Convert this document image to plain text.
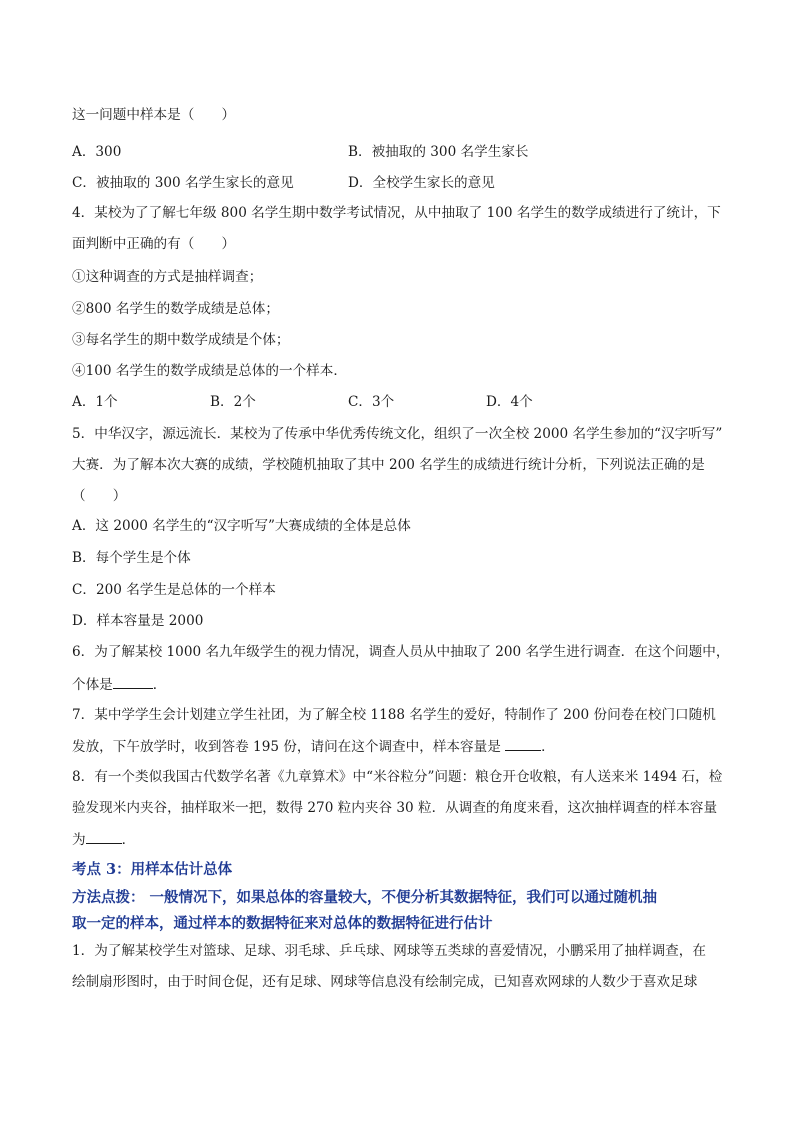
这一问题中样本是（　　）
A．300	B．被抽取的 300 名学生家长
C．被抽取的 300 名学生家长的意见	D．全校学生家长的意见
4．某校为了了解七年级 800 名学生期中数学考试情况，从中抽取了 100 名学生的数学成绩进行了统计，下
面判断中正确的有（　　）
①这种调查的方式是抽样调查；
②800 名学生的数学成绩是总体；
③每名学生的期中数学成绩是个体；
④100 名学生的数学成绩是总体的一个样本．
A．1个	B．2个	C．3个	D．4个
5．中华汉字，源远流长．某校为了传承中华优秀传统文化，组织了一次全校 2000 名学生参加的“汉字听写”
大赛．为了解本次大赛的成绩，学校随机抽取了其中 200 名学生的成绩进行统计分析，下列说法正确的是
（　　）
A．这 2000 名学生的“汉字听写”大赛成绩的全体是总体
B．每个学生是个体
C．200 名学生是总体的一个样本
D．样本容量是 2000
6．为了解某校 1000 名九年级学生的视力情况，调查人员从中抽取了 200 名学生进行调查．在这个问题中，
个体是	．
7．某中学学生会计划建立学生社团，为了解全校 1188 名学生的爱好，特制作了 200 份问卷在校门口随机
发放，下午放学时，收到答卷 195 份，请问在这个调查中，样本容量是	．
8．有一个类似我国古代数学名著《九章算术》中“米谷粒分”问题：粮仓开仓收粮，有人送来米 1494 石，检
验发现米内夹谷，抽样取米一把，数得 270 粒内夹谷 30 粒．从调查的角度来看，这次抽样调查的样本容量
为	．
考点 3：用样本估计总体
方法点拨： 一般情况下，如果总体的容量较大，不便分析其数据特征，我们可以通过随机抽
取一定的样本，通过样本的数据特征来对总体的数据特征进行估计
1．为了解某校学生对篮球、足球、羽毛球、乒乓球、网球等五类球的喜爱情况，小鹏采用了抽样调查，在
绘制扇形图时，由于时间仓促，还有足球、网球等信息没有绘制完成，已知喜欢网球的人数少于喜欢足球
